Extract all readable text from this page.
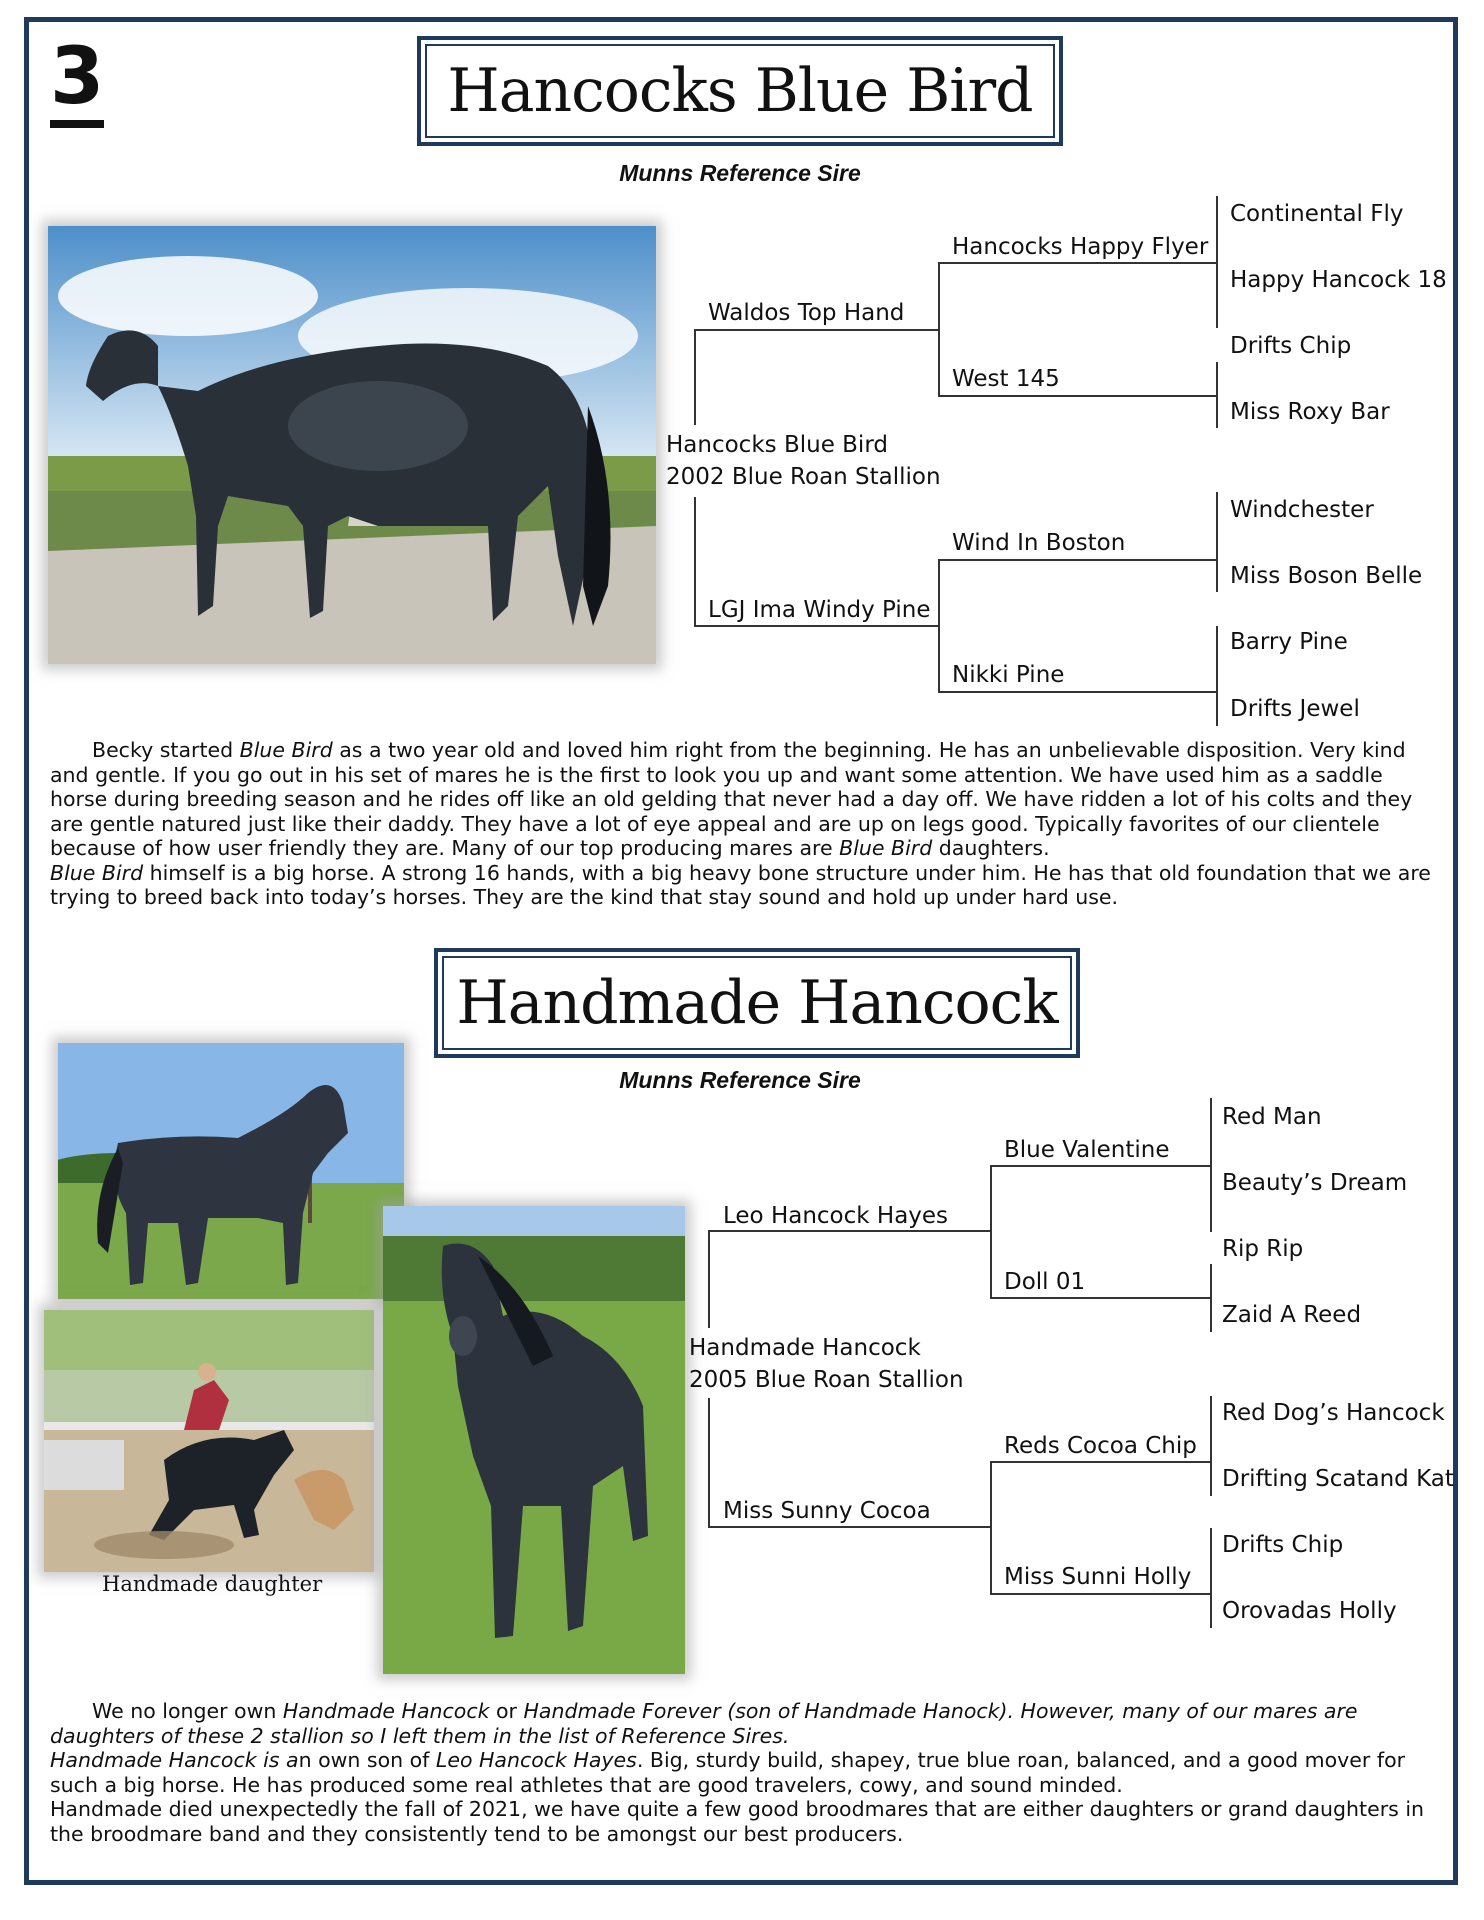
3	Hancocks Blue Bird
Munns Reference Sire
Waldos Top Hand
Hancocks Blue Bird
2002 Blue Roan Stallion
LGJ Ima Windy Pine
Hancocks Happy Flyer
West 145
Wind In Boston
Nikki Pine
Continental Fly
Happy Hancock 18
Drifts Chip
Miss Roxy Bar
Windchester
Miss Boson Belle
Barry Pine
Drifts Jewel

Becky started Blue Bird as a two year old and loved him right from the beginning. He has an unbelievable disposition. Very kind and gentle. If you go out in his set of mares he is the first to look you up and want some attention. We have used him as a saddle horse during breeding season and he rides off like an old gelding that never had a day off. We have ridden a lot of his colts and they are gentle natured just like their daddy. They have a lot of eye appeal and are up on legs good. Typically favorites of our clientele because of how user friendly they are. Many of our top producing mares are Blue Bird daughters.

Blue Bird himself is a big horse. A strong 16 hands, with a big heavy bone structure under him. He has that old foundation that we are trying to breed back into today’s horses. They are the kind that stay sound and hold up under hard use.

Handmade Hancock
Munns Reference Sire
Handmade daughter
Leo Hancock Hayes
Handmade Hancock
2005 Blue Roan Stallion
Miss Sunny Cocoa
Blue Valentine
Doll 01
Reds Cocoa Chip
Miss Sunni Holly
Red Man
Beauty’s Dream
Rip Rip
Zaid A Reed
Red Dog’s Hancock
Drifting Scatand Kat
Drifts Chip
Orovadas Holly

We no longer own Handmade Hancock or Handmade Forever (son of Handmade Hanock). However, many of our mares are daughters of these 2 stallion so I left them in the list of Reference Sires.

Handmade Hancock is an own son of Leo Hancock Hayes. Big, sturdy build, shapey, true blue roan, balanced, and a good mover for such a big horse. He has produced some real athletes that are good travelers, cowy, and sound minded.

Handmade died unexpectedly the fall of 2021, we have quite a few good broodmares that are either daughters or grand daughters in the broodmare band and they consistently tend to be amongst our best producers.
